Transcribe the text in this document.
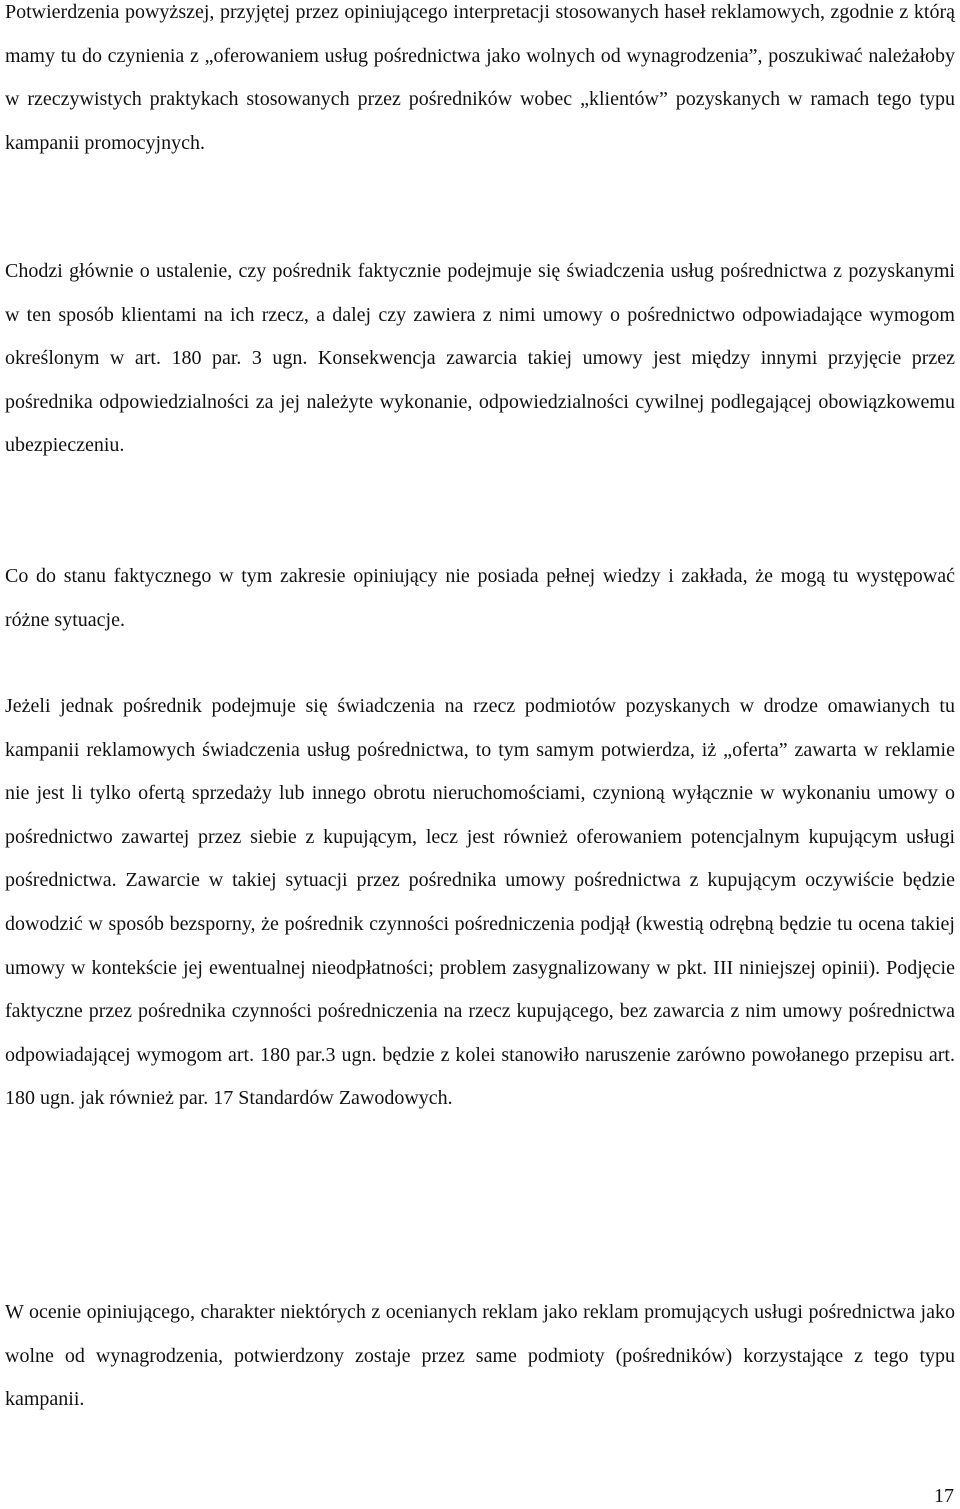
Potwierdzenia powyższej, przyjętej przez opiniującego interpretacji stosowanych haseł reklamowych, zgodnie z którą mamy tu do czynienia z „oferowaniem usług pośrednictwa jako wolnych od wynagrodzenia”, poszukiwać należałoby w rzeczywistych praktykach stosowanych przez pośredników wobec „klientów” pozyskanych w ramach tego typu kampanii promocyjnych.

Chodzi głównie o ustalenie, czy pośrednik faktycznie podejmuje się świadczenia usług pośrednictwa z pozyskanymi w ten sposób klientami na ich rzecz, a dalej czy zawiera z nimi umowy o pośrednictwo odpowiadające wymogom określonym w art. 180 par. 3 ugn. Konsekwencja zawarcia takiej umowy jest między innymi przyjęcie przez pośrednika odpowiedzialności za jej należyte wykonanie, odpowiedzialności cywilnej podlegającej obowiązkowemu ubezpieczeniu.

Co do stanu faktycznego w tym zakresie opiniujący nie posiada pełnej wiedzy i zakłada, że mogą tu występować różne sytuacje.

Jeżeli jednak pośrednik podejmuje się świadczenia na rzecz podmiotów pozyskanych w drodze omawianych tu kampanii reklamowych świadczenia usług pośrednictwa, to tym samym potwierdza, iż „oferta” zawarta w reklamie nie jest li tylko ofertą sprzedaży lub innego obrotu nieruchomościami, czynioną wyłącznie w wykonaniu umowy o pośrednictwo zawartej przez siebie z kupującym, lecz jest również oferowaniem potencjalnym kupującym usługi pośrednictwa. Zawarcie w takiej sytuacji przez pośrednika umowy pośrednictwa z kupującym oczywiście będzie dowodzić w sposób bezsporny, że pośrednik czynności pośredniczenia podjął (kwestią odrębną będzie tu ocena takiej umowy w kontekście jej ewentualnej nieodpłatności; problem zasygnalizowany w pkt. III niniejszej opinii). Podjęcie faktyczne przez pośrednika czynności pośredniczenia na rzecz kupującego, bez zawarcia z nim umowy pośrednictwa odpowiadającej wymogom art. 180 par.3 ugn. będzie z kolei stanowiło naruszenie zarówno powołanego przepisu art. 180 ugn. jak również par. 17 Standardów Zawodowych.

W ocenie opiniującego, charakter niektórych z ocenianych reklam jako reklam promujących usługi pośrednictwa jako wolne od wynagrodzenia, potwierdzony zostaje przez same podmioty (pośredników) korzystające z tego typu kampanii.

17
